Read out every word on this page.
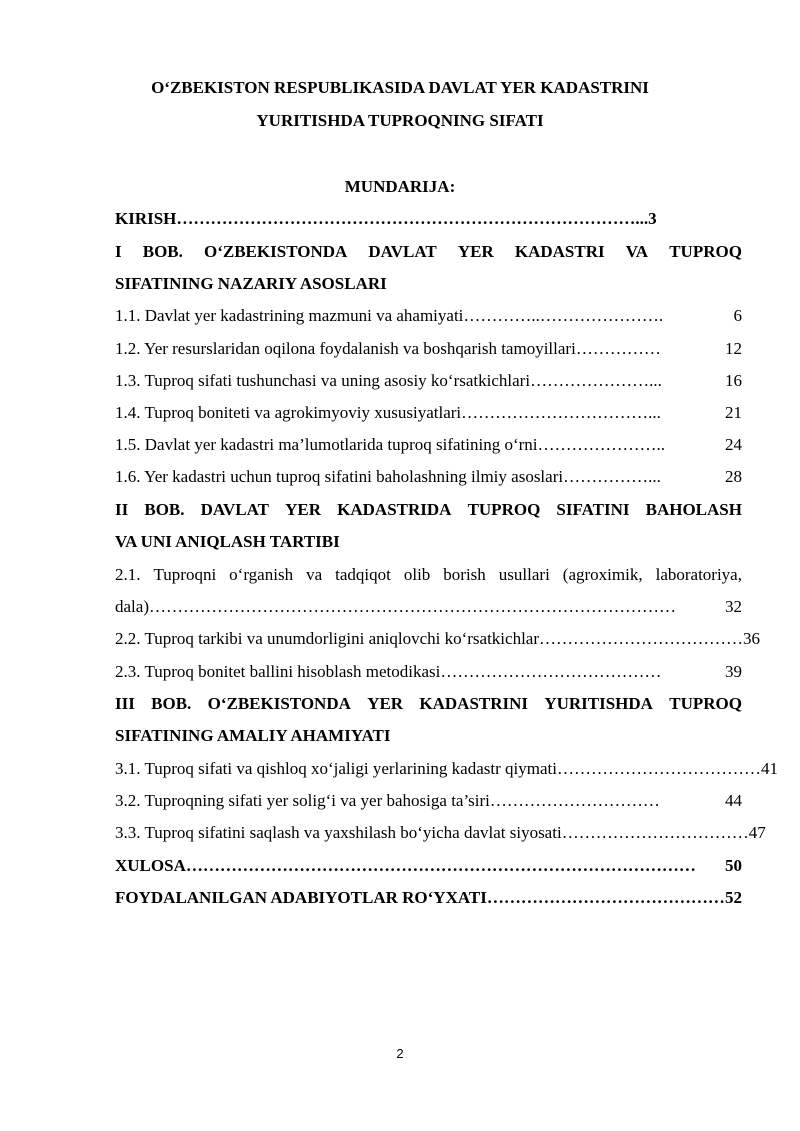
O‘ZBEKISTON RESPUBLIKASIDA DAVLAT YER KADASTRINI
YURITISHDA TUPROQNING SIFATI
MUNDARIJA:
KIRISH………………………………………………………………………...3
I BOB. O‘ZBEKISTONDA DAVLAT YER KADASTRI VA TUPROQ
SIFATINING NAZARIY ASOSLARI
1.1. Davlat yer kadastrining mazmuni va ahamiyati …………..………………….	6
1.2. Yer resurslaridan oqilona foydalanish va boshqarish tamoyillari ……………	12
1.3. Tuproq sifati tushunchasi va uning asosiy ko‘rsatkichlari …………………...	16
1.4. Tuproq boniteti va agrokimyoviy xususiyatlari ……………………………...	21
1.5. Davlat yer kadastri ma’lumotlarida tuproq sifatining o‘rni …………………..	24
1.6. Yer kadastri uchun tuproq sifatini baholashning ilmiy asoslari ……………...	28
II BOB. DAVLAT YER KADASTRIDA TUPROQ SIFATINI BAHOLASH
VA UNI ANIQLASH TARTIBI
2.1. Tuproqni o‘rganish va tadqiqot olib borish usullari (agroximik, laboratoriya,
dala) …………………………………………………………………………………	32
2.2. Tuproq tarkibi va unumdorligini aniqlovchi ko‘rsatkichlar ……………………………… 36
2.3. Tuproq bonitet ballini hisoblash metodikasi …………………………………	39
III BOB. O‘ZBEKISTONDA YER KADASTRINI YURITISHDA TUPROQ
SIFATINING AMALIY AHAMIYATI
3.1. Tuproq sifati va qishloq xo‘jaligi yerlarining kadastr qiymati ……………………………… 41
3.2. Tuproqning sifati yer solig‘i va yer bahosiga ta’siri …………………………	44
3.3. Tuproq sifatini saqlash va yaxshilash bo‘yicha davlat siyosati …………………………… 47
XULOSA ………………………………………………………………………………	50
FOYDALANILGAN ADABIYOTLAR RO‘YXATI …………………………………… 52
2
